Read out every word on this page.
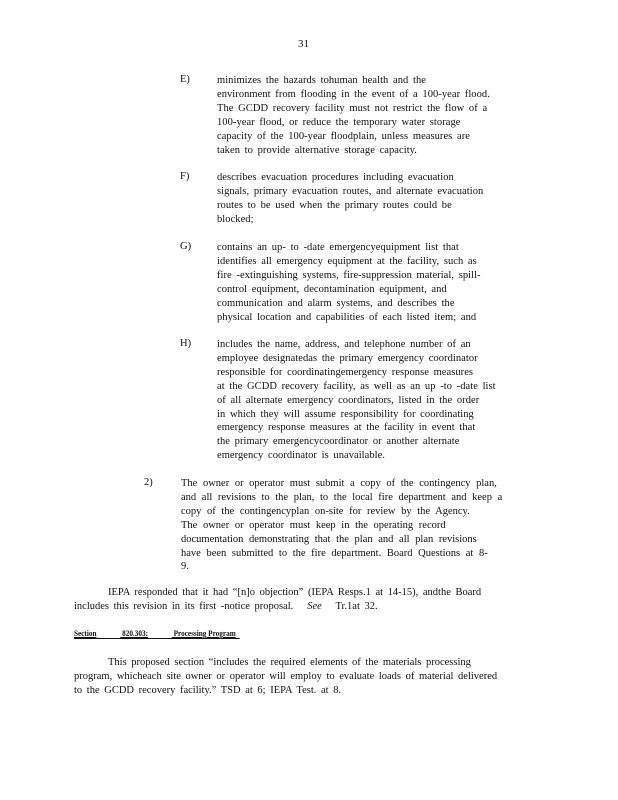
31
E)	minimizes the hazards tohuman health and the
environment from flooding in the event of a 100-year flood.
The GCDD recovery facility must not restrict the flow of a
100-year flood, or reduce the temporary water storage
capacity of the 100-year floodplain, unless measures are
taken to provide alternative storage capacity.
F)	describes evacuation procedures including evacuation
signals, primary evacuation routes, and alternate evacuation
routes to be used when the primary routes could be
blocked;
G) contains an up- to -date emergencyequipment list that
identifies all emergency equipment at the facility, such as
fire -extinguishing systems, fire-suppression material, spill-
control equipment, decontamination equipment, and
communication and alarm systems, and describes the
physical location and capabilities of each listed item; and
H) includes the name, address, and telephone number of an
employee designatedas the primary emergency coordinator
responsible for coordinatingemergency response measures
at the GCDD recovery facility, as well as an up -to -date list
of all alternate emergency coordinators, listed in the order
in which they will assume responsibility for coordinating
emergency response measures at the facility in event that
the primary emergencycoordinator or another alternate
emergency coordinator is unavailable.
2)	The owner or operator must submit a copy of the contingency plan,
and all revisions to the plan, to the local fire department and keep a
copy of the contingencyplan on-site for review by the Agency.
The owner or operator must keep in the operating record
documentation demonstrating that the plan and all plan revisions
have been submitted to the fire department. Board Questions at 8-
9.
IEPA responded that it had “[n]o objection” (IEPA Resps.1 at 14-15), andthe Board
includes this revision in its first -notice proposal. See Tr.1at 32.
Section	820.303:	Processing Program
This proposed section “includes the required elements of the materials processing
program, whicheach site owner or operator will employ to evaluate loads of material delivered
to the GCDD recovery facility.” TSD at 6; IEPA Test. at 8.
